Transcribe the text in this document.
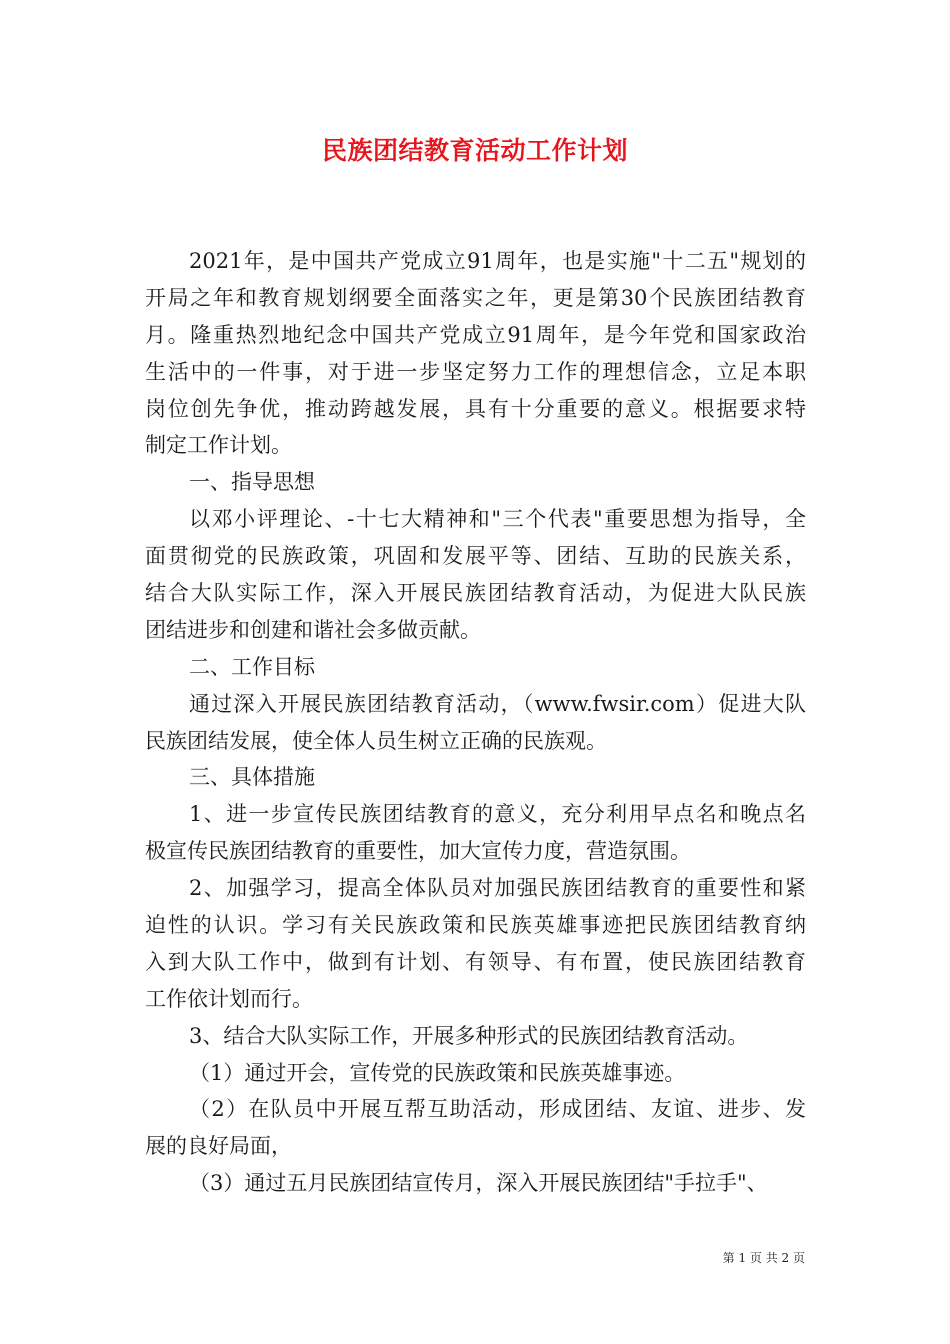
民族团结教育活动工作计划
2021年，是中国共产党成立91周年，也是实施"十二五"规划的
开局之年和教育规划纲要全面落实之年，更是第30个民族团结教育
月。隆重热烈地纪念中国共产党成立91周年，是今年党和国家政治
生活中的一件事，对于进一步坚定努力工作的理想信念，立足本职
岗位创先争优，推动跨越发展，具有十分重要的意义。根据要求特
制定工作计划。
一、指导思想
以邓小评理论、-十七大精神和"三个代表"重要思想为指导，全
面贯彻党的民族政策，巩固和发展平等、团结、互助的民族关系，
结合大队实际工作，深入开展民族团结教育活动，为促进大队民族
团结进步和创建和谐社会多做贡献。
二、工作目标
通过深入开展民族团结教育活动，（www.fwsir.com）促进大队
民族团结发展，使全体人员生树立正确的民族观。
三、具体措施
1、进一步宣传民族团结教育的意义，充分利用早点名和晚点名
极宣传民族团结教育的重要性，加大宣传力度，营造氛围。
2、加强学习，提高全体队员对加强民族团结教育的重要性和紧
迫性的认识。学习有关民族政策和民族英雄事迹把民族团结教育纳
入到大队工作中，做到有计划、有领导、有布置，使民族团结教育
工作依计划而行。
3、结合大队实际工作，开展多种形式的民族团结教育活动。
（1）通过开会，宣传党的民族政策和民族英雄事迹。
（2）在队员中开展互帮互助活动，形成团结、友谊、进步、发
展的良好局面，
（3）通过五月民族团结宣传月，深入开展民族团结"手拉手"、
第 1 页 共 2 页
